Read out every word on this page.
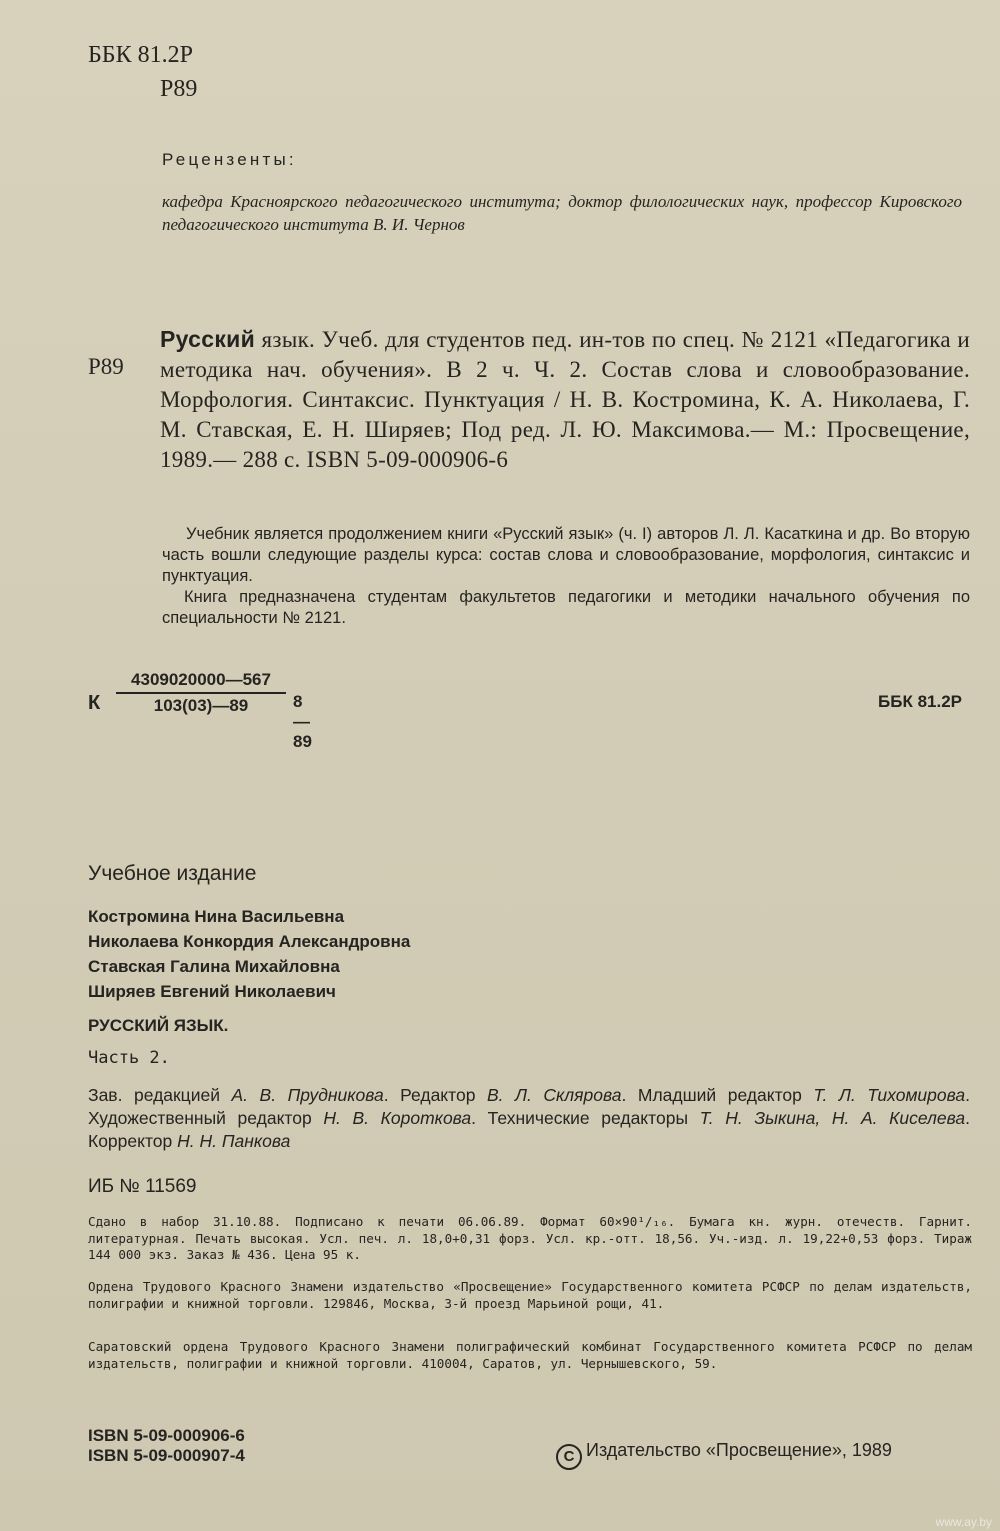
ББК 81.2Р
Р89
Рецензенты:
кафедра Красноярского педагогического института; доктор филологических наук, профессор Кировского педагогического института В. И. Чернов
Р89
Русский язык. Учеб. для студентов пед. ин-тов по спец. № 2121 «Педагогика и методика нач. обучения». В 2 ч. Ч. 2. Состав слова и словообразование. Морфология. Синтаксис. Пунктуация / Н. В. Костромина, К. А. Николаева, Г. М. Ставская, Е. Н. Ширяев; Под ред. Л. Ю. Максимова.— М.: Просвещение, 1989.— 288 с. ISBN 5-09-000906-6

Учебник является продолжением книги «Русский язык» (ч. I) авторов Л. Л. Касаткина и др. Во вторую часть вошли следующие разделы курса: состав слова и словообразование, морфология, синтаксис и пунктуация.

Книга предназначена студентам факультетов педагогики и методики начального обучения по специальности № 2121.

К $\frac{4309020000—567}{103(03)—89}$ 8—89
ББК 81.2Р
Учебное издание
Костромина Нина Васильевна
Николаева Конкордия Александровна
Ставская Галина Михайловна
Ширяев Евгений Николаевич
РУССКИЙ ЯЗЫК.
Часть 2.
Зав. редакцией А. В. Прудникова. Редактор В. Л. Склярова. Младший редактор Т. Л. Тихомирова. Художественный редактор Н. В. Короткова. Технические редакторы Т. Н. Зыкина, Н. А. Киселева. Корректор Н. Н. Панкова
ИБ № 11569
Сдано в набор 31.10.88. Подписано к печати 06.06.89. Формат 60×90¹/₁₆. Бумага кн. журн. отечеств. Гарнит. литературная. Печать высокая. Усл. печ. л. 18,0+0,31 форз. Усл. кр.-отт. 18,56. Уч.-изд. л. 19,22+0,53 форз. Тираж 144 000 экз. Заказ № 436. Цена 95 к.
Ордена Трудового Красного Знамени издательство «Просвещение» Государственного комитета РСФСР по делам издательств, полиграфии и книжной торговли. 129846, Москва, 3-й проезд Марьиной рощи, 41.
Саратовский ордена Трудового Красного Знамени полиграфический комбинат Государственного комитета РСФСР по делам издательств, полиграфии и книжной торговли. 410004, Саратов, ул. Чернышевского, 59.
ISBN 5-09-000906-6
ISBN 5-09-000907-4	C Издательство «Просвещение», 1989
www.ay.by
